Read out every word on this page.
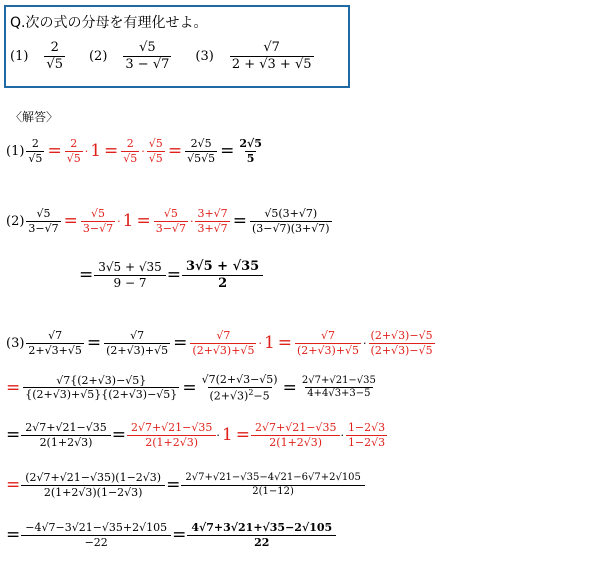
Q.次の式の分母を有理化せよ。
(1)
2
√5
(2)
√5
3 − √7
(3)
√7
2 + √3 + √5
〈解答〉
$(1) \frac{2}{√5} = \frac{2}{√5} \cdot 1 = \frac{2}{√5} \cdot \frac{√5}{√5} = \frac{2√5}{√5√5} = \frac{2√5}{5}$
$(2) \frac{√5}{3-√7} = \frac{√5}{3-√7} \cdot 1 = \frac{√5}{3-√7} \cdot \frac{3+√7}{3+√7} = \frac{√5(3+√7)}{(3-√7)(3+√7)}$
= $\frac{3√5 + √35}{9 - 7} = \frac{3√5 + √35}{2}$
$(3) \frac{√7}{2+√3+√5} = \frac{√7}{(2+√3)+√5} = \frac{√7}{(2+√3)+√5} \cdot 1 = \frac{√7}{(2+√3)+√5}$ ·
(2+√3)−√5
(2+√3)−√5
= $\frac{√7\{(2+√3)-√5\}}{\{(2+√3)+√5\}\{(2+√3)-√5\}} = \frac{√7(2+√3-√5)}{(2+√3)^2-5} = \frac{2√7+√21-√35}{4+4√3+3-5}$
= $\frac{2√7+√21-√35}{2(1+2√3)} = \frac{2√7+√21-√35}{2(1+2√3)} \cdot 1 = \frac{2√7+√21-√35}{2(1+2√3)}$ ·
1−2√3
1−2√3
= $\frac{(2√7+√21-√35)(1-2√3)}{2(1+2√3)(1-2√3)} = \frac{2√7+√21-√35-4√21-6√7+2√105}{2(1-12)}$
= $\frac{-4√7-3√21-√35+2√105}{-22} = \frac{4√7+3√21+√35-2√105}{22}$
